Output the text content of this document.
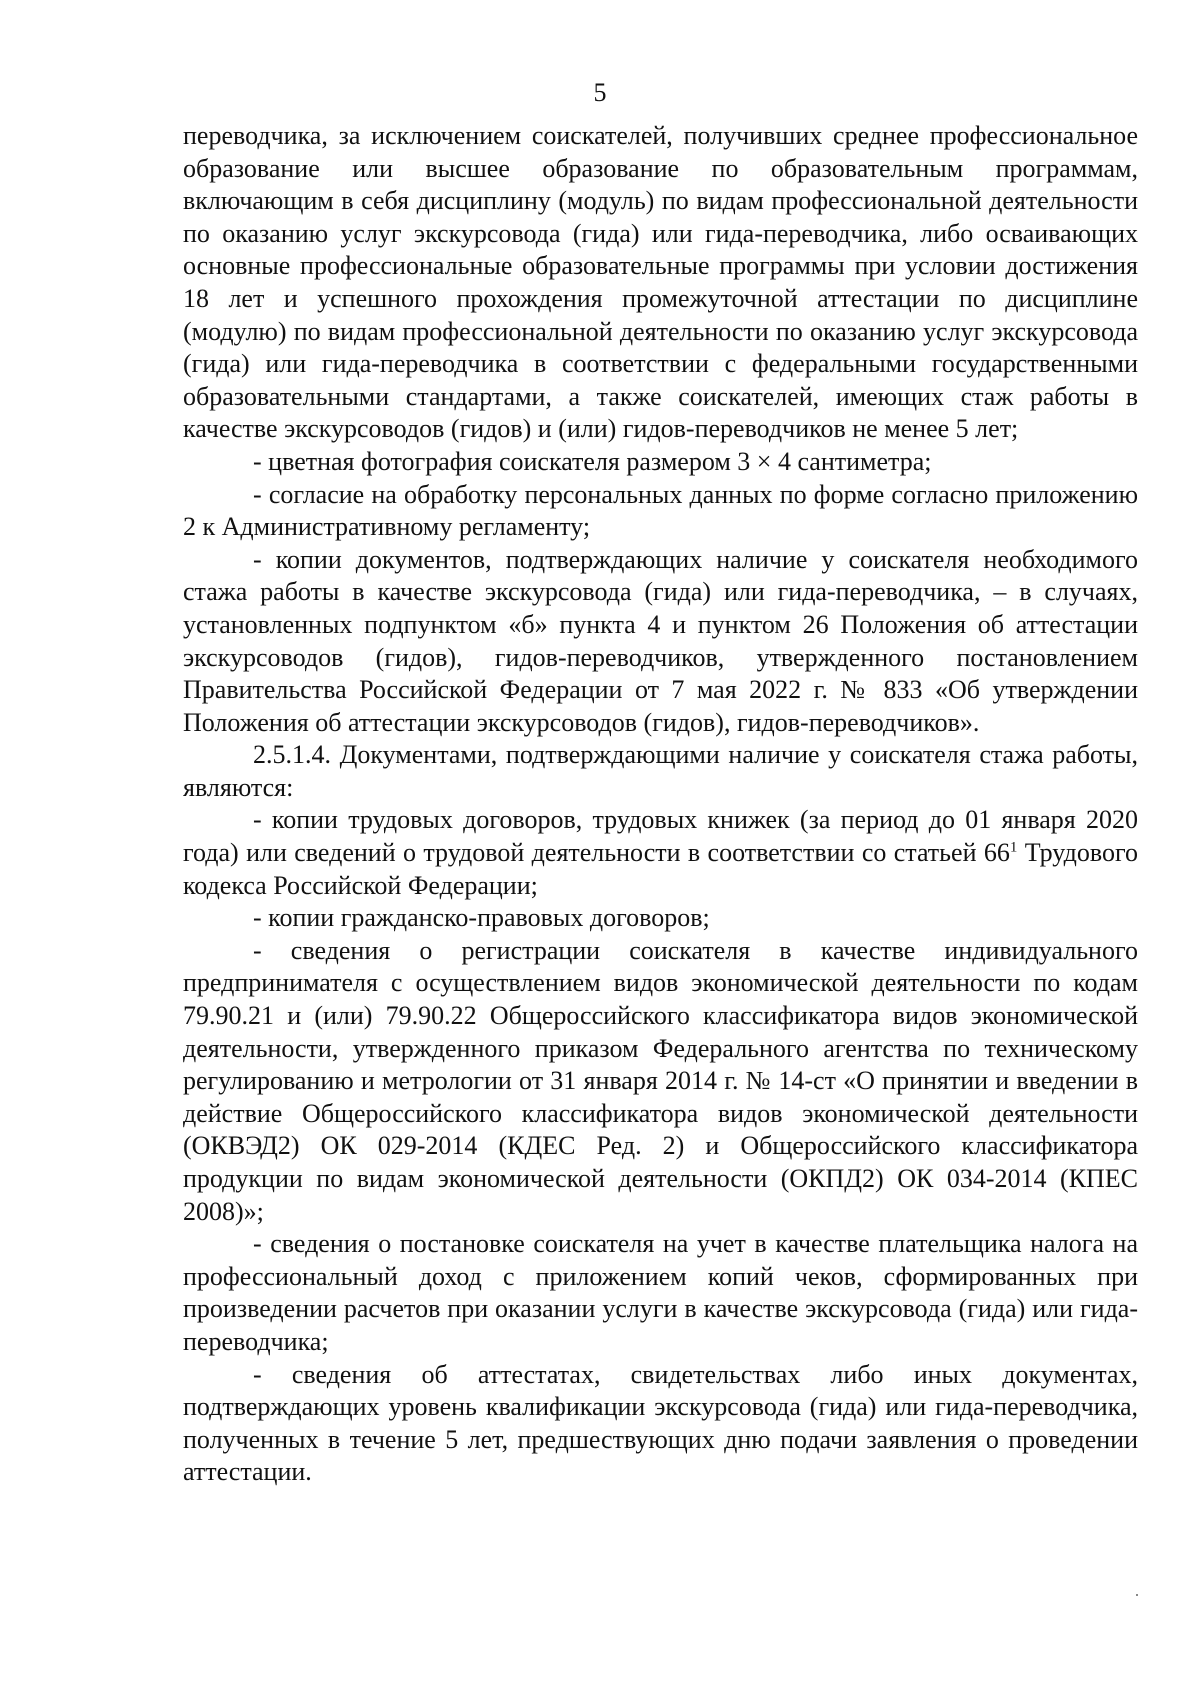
5

переводчика, за исключением соискателей, получивших среднее профессиональное образование или высшее образование по образовательным программам, включающим в себя дисциплину (модуль) по видам профессиональной деятельности по оказанию услуг экскурсовода (гида) или гида-переводчика, либо осваивающих основные профессиональные образовательные программы при условии достижения 18 лет и успешного прохождения промежуточной аттестации по дисциплине (модулю) по видам профессиональной деятельности по оказанию услуг экскурсовода (гида) или гида-переводчика в соответствии с федеральными государственными образовательными стандартами, а также соискателей, имеющих стаж работы в качестве экскурсоводов (гидов) и (или) гидов-переводчиков не менее 5 лет;

- цветная фотография соискателя размером 3 × 4 сантиметра;

- согласие на обработку персональных данных по форме согласно приложению 2 к Административному регламенту;

- копии документов, подтверждающих наличие у соискателя необходимого стажа работы в качестве экскурсовода (гида) или гида-переводчика, – в случаях, установленных подпунктом «б» пункта 4 и пунктом 26 Положения об аттестации экскурсоводов (гидов), гидов-переводчиков, утвержденного постановлением Правительства Российской Федерации от 7 мая 2022 г. № 833 «Об утверждении Положения об аттестации экскурсоводов (гидов), гидов-переводчиков».

2.5.1.4. Документами, подтверждающими наличие у соискателя стажа работы, являются:

- копии трудовых договоров, трудовых книжек (за период до 01 января 2020 года) или сведений о трудовой деятельности в соответствии со статьей $66^1$ Трудового кодекса Российской Федерации;

- копии гражданско-правовых договоров;

- сведения о регистрации соискателя в качестве индивидуального предпринимателя с осуществлением видов экономической деятельности по кодам 79.90.21 и (или) 79.90.22 Общероссийского классификатора видов экономической деятельности, утвержденного приказом Федерального агентства по техническому регулированию и метрологии от 31 января 2014 г. № 14-ст «О принятии и введении в действие Общероссийского классификатора видов экономической деятельности (ОКВЭД2) ОК 029-2014 (КДЕС Ред. 2) и Общероссийского классификатора продукции по видам экономической деятельности (ОКПД2) ОК 034-2014 (КПЕС 2008)»;

- сведения о постановке соискателя на учет в качестве плательщика налога на профессиональный доход с приложением копий чеков, сформированных при произведении расчетов при оказании услуги в качестве экскурсовода (гида) или гида-переводчика;

- сведения об аттестатах, свидетельствах либо иных документах, подтверждающих уровень квалификации экскурсовода (гида) или гида-переводчика, полученных в течение 5 лет, предшествующих дню подачи заявления о проведении аттестации.
